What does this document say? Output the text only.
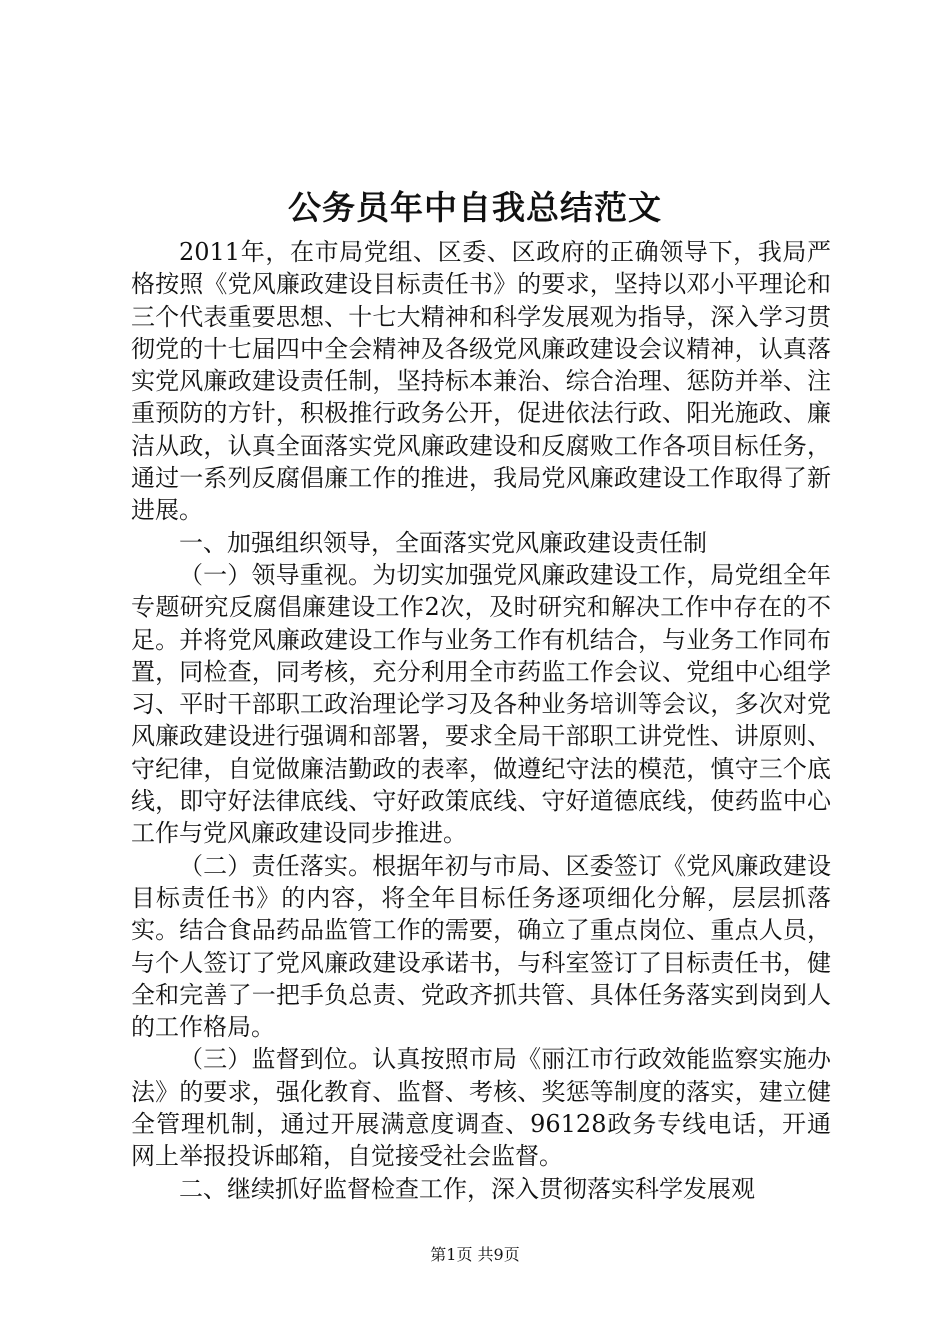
公务员年中自我总结范文

2011年，在市局党组、区委、区政府的正确领导下，我局严格按照《党风廉政建设目标责任书》的要求，坚持以邓小平理论和三个代表重要思想、十七大精神和科学发展观为指导，深入学习贯彻党的十七届四中全会精神及各级党风廉政建设会议精神，认真落实党风廉政建设责任制，坚持标本兼治、综合治理、惩防并举、注重预防的方针，积极推行政务公开，促进依法行政、阳光施政、廉洁从政，认真全面落实党风廉政建设和反腐败工作各项目标任务，通过一系列反腐倡廉工作的推进，我局党风廉政建设工作取得了新进展。

一、加强组织领导，全面落实党风廉政建设责任制

（一）领导重视。为切实加强党风廉政建设工作，局党组全年专题研究反腐倡廉建设工作2次，及时研究和解决工作中存在的不足。并将党风廉政建设工作与业务工作有机结合，与业务工作同布置，同检查，同考核，充分利用全市药监工作会议、党组中心组学习、平时干部职工政治理论学习及各种业务培训等会议，多次对党风廉政建设进行强调和部署，要求全局干部职工讲党性、讲原则、守纪律，自觉做廉洁勤政的表率，做遵纪守法的模范，慎守三个底线，即守好法律底线、守好政策底线、守好道德底线，使药监中心工作与党风廉政建设同步推进。

（二）责任落实。根据年初与市局、区委签订《党风廉政建设目标责任书》的内容，将全年目标任务逐项细化分解，层层抓落实。结合食品药品监管工作的需要，确立了重点岗位、重点人员，与个人签订了党风廉政建设承诺书，与科室签订了目标责任书，健全和完善了一把手负总责、党政齐抓共管、具体任务落实到岗到人的工作格局。

（三）监督到位。认真按照市局《丽江市行政效能监察实施办法》的要求，强化教育、监督、考核、奖惩等制度的落实，建立健全管理机制，通过开展满意度调查、96128政务专线电话，开通网上举报投诉邮箱，自觉接受社会监督。

二、继续抓好监督检查工作，深入贯彻落实科学发展观

第1页 共9页
